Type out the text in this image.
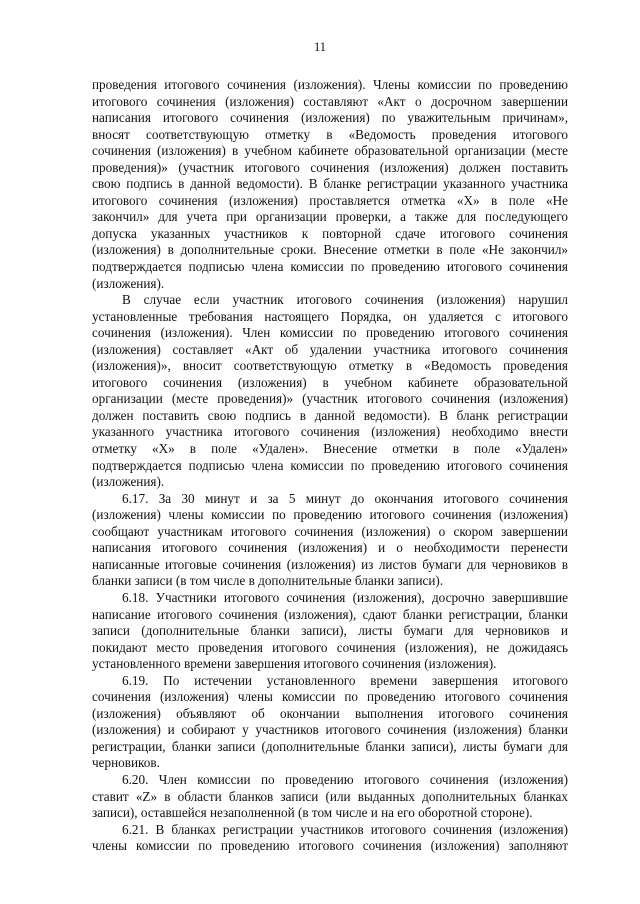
11
проведения итогового сочинения (изложения). Члены комиссии по проведению
итогового сочинения (изложения) составляют «Акт о досрочном завершении
написания итогового сочинения (изложения) по уважительным причинам»,
вносят соответствующую отметку в «Ведомость проведения итогового
сочинения (изложения) в учебном кабинете образовательной организации (месте
проведения)» (участник итогового сочинения (изложения) должен поставить
свою подпись в данной ведомости). В бланке регистрации указанного участника
итогового сочинения (изложения) проставляется отметка «X» в поле «Не
закончил» для учета при организации проверки, а также для последующего
допуска указанных участников к повторной сдаче итогового сочинения
(изложения) в дополнительные сроки. Внесение отметки в поле «Не закончил»
подтверждается подписью члена комиссии по проведению итогового сочинения
(изложения).
В случае если участник итогового сочинения (изложения) нарушил
установленные требования настоящего Порядка, он удаляется с итогового
сочинения (изложения). Член комиссии по проведению итогового сочинения
(изложения) составляет «Акт об удалении участника итогового сочинения
(изложения)», вносит соответствующую отметку в «Ведомость проведения
итогового сочинения (изложения) в учебном кабинете образовательной
организации (месте проведения)» (участник итогового сочинения (изложения)
должен поставить свою подпись в данной ведомости). В бланк регистрации
указанного участника итогового сочинения (изложения) необходимо внести
отметку «X» в поле «Удален». Внесение отметки в поле «Удален»
подтверждается подписью члена комиссии по проведению итогового сочинения
(изложения).
6.17. За 30 минут и за 5 минут до окончания итогового сочинения
(изложения) члены комиссии по проведению итогового сочинения (изложения)
сообщают участникам итогового сочинения (изложения) о скором завершении
написания итогового сочинения (изложения) и о необходимости перенести
написанные итоговые сочинения (изложения) из листов бумаги для черновиков в
бланки записи (в том числе в дополнительные бланки записи).
6.18. Участники итогового сочинения (изложения), досрочно завершившие
написание итогового сочинения (изложения), сдают бланки регистрации, бланки
записи (дополнительные бланки записи), листы бумаги для черновиков и
покидают место проведения итогового сочинения (изложения), не дожидаясь
установленного времени завершения итогового сочинения (изложения).
6.19. По истечении установленного времени завершения итогового
сочинения (изложения) члены комиссии по проведению итогового сочинения
(изложения) объявляют об окончании выполнения итогового сочинения
(изложения) и собирают у участников итогового сочинения (изложения) бланки
регистрации, бланки записи (дополнительные бланки записи), листы бумаги для
черновиков.
6.20. Член комиссии по проведению итогового сочинения (изложения)
ставит «Z» в области бланков записи (или выданных дополнительных бланках
записи), оставшейся незаполненной (в том числе и на его оборотной стороне).
6.21. В бланках регистрации участников итогового сочинения (изложения)
члены комиссии по проведению итогового сочинения (изложения) заполняют
